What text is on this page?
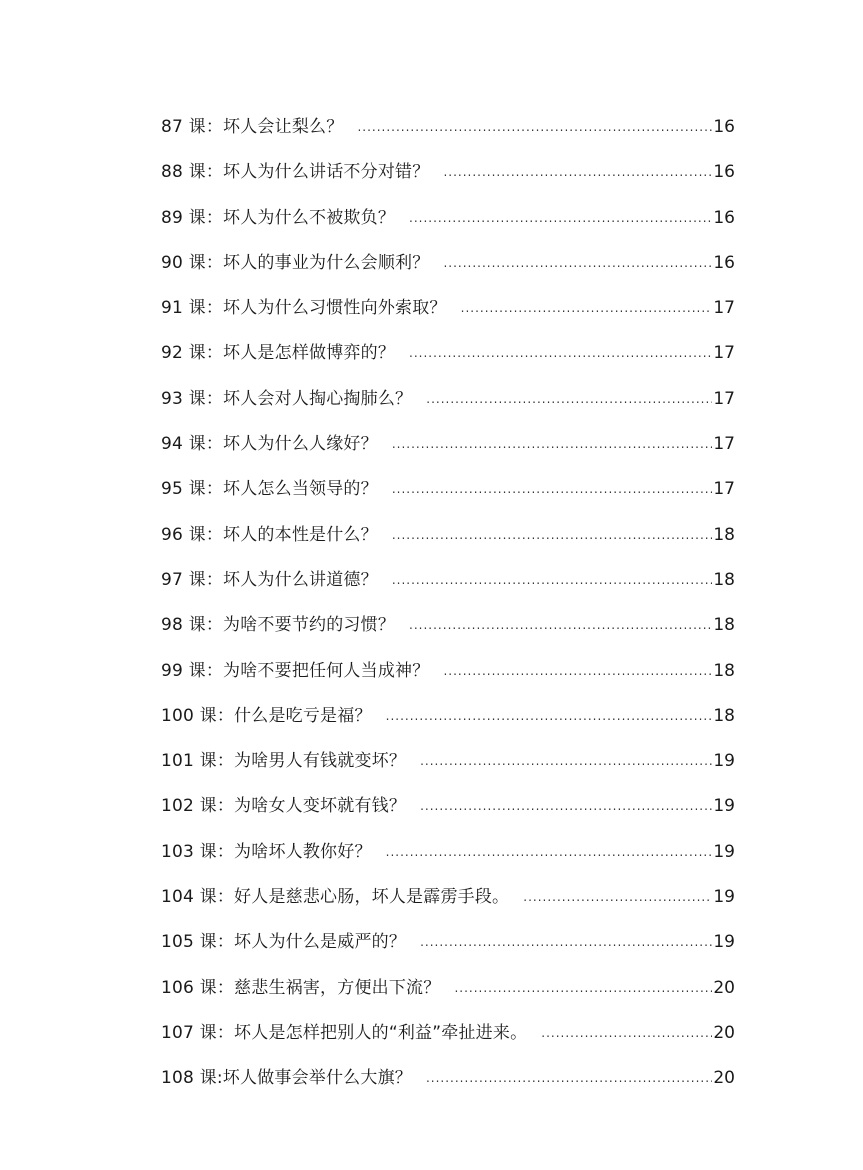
87 课：坏人会让梨么？ .....	16
88 课：坏人为什么讲话不分对错？ .....	16
89 课：坏人为什么不被欺负？ .....	16
90 课：坏人的事业为什么会顺利？ .....	16
91 课：坏人为什么习惯性向外索取？ .....	17
92 课：坏人是怎样做博弈的？ .....	17
93 课：坏人会对人掏心掏肺么？ .....	17
94 课：坏人为什么人缘好？ .....	17
95 课：坏人怎么当领导的？ .....	17
96 课：坏人的本性是什么？ .....	18
97 课：坏人为什么讲道德？ .....	18
98 课：为啥不要节约的习惯？ .....	18
99 课：为啥不要把任何人当成神？ .....	18
100 课：什么是吃亏是福？ .....	18
101 课：为啥男人有钱就变坏？ .....	19
102 课：为啥女人变坏就有钱？ .....	19
103 课：为啥坏人教你好？ .....	19
104 课：好人是慈悲心肠，坏人是霹雳手段。 .....	19
105 课：坏人为什么是威严的？ .....	19
106 课：慈悲生祸害，方便出下流？ .....	20
107 课：坏人是怎样把别人的“利益”牵扯进来。 .....	20
108 课:坏人做事会举什么大旗？ .....	20
